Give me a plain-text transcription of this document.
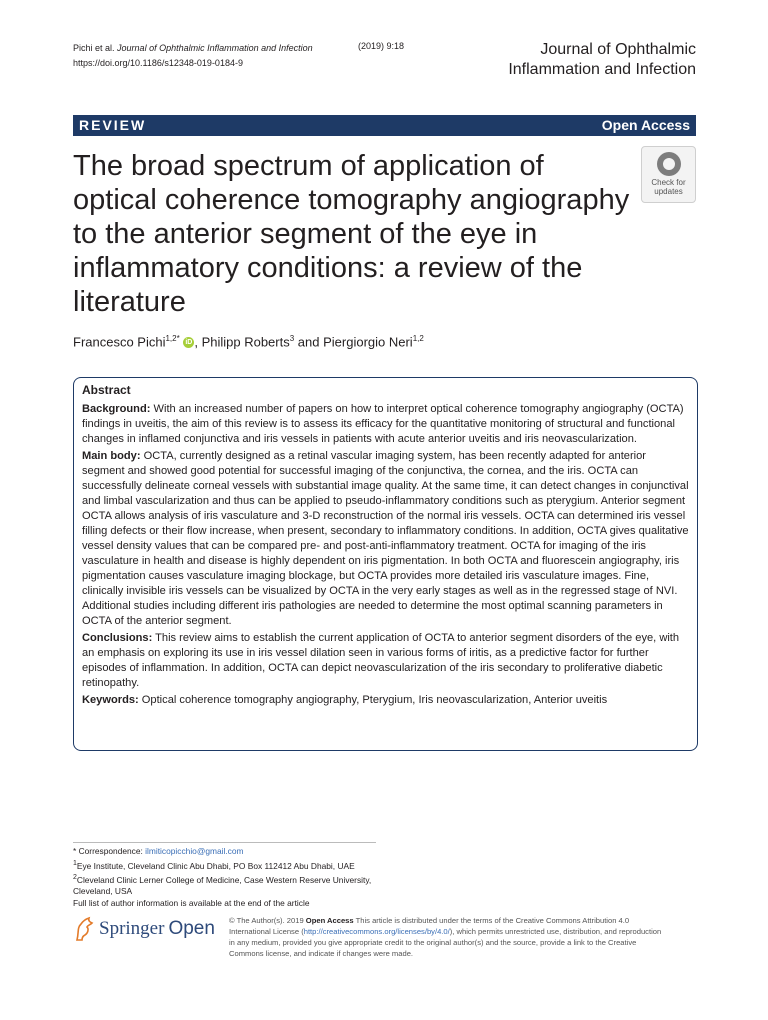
Pichi et al. Journal of Ophthalmic Inflammation and Infection
https://doi.org/10.1186/s12348-019-0184-9
(2019) 9:18	Journal of Ophthalmic
Inflammation and Infection
REVIEW	Open Access
The broad spectrum of application of optical coherence tomography angiography to the anterior segment of the eye in inflammatory conditions: a review of the literature
Check for
updates
Francesco Pichi$^{1,2*}$ iD , Philipp Roberts$^3$ and Piergiorgio Neri$^{1,2}$
Abstract

Background: With an increased number of papers on how to interpret optical coherence tomography angiography (OCTA) findings in uveitis, the aim of this review is to assess its efficacy for the quantitative monitoring of structural and functional changes in inflamed conjunctiva and iris vessels in patients with acute anterior uveitis and iris neovascularization.

Main body: OCTA, currently designed as a retinal vascular imaging system, has been recently adapted for anterior segment and showed good potential for successful imaging of the conjunctiva, the cornea, and the iris. OCTA can successfully delineate corneal vessels with substantial image quality. At the same time, it can detect changes in conjunctival and limbal vascularization and thus can be applied to pseudo-inflammatory conditions such as pterygium. Anterior segment OCTA allows analysis of iris vasculature and 3-D reconstruction of the normal iris vessels. OCTA can determined iris vessel filling defects or their flow increase, when present, secondary to inflammatory conditions. In addition, OCTA gives qualitative vessel density values that can be compared pre- and post-anti-inflammatory treatment. OCTA for imaging of the iris vasculature in health and disease is highly dependent on iris pigmentation. In both OCTA and fluorescein angiography, iris pigmentation causes vasculature imaging blockage, but OCTA provides more detailed iris vasculature images. Fine, clinically invisible iris vessels can be visualized by OCTA in the very early stages as well as in the regressed stage of NVI. Additional studies including different iris pathologies are needed to determine the most optimal scanning parameters in OCTA of the anterior segment.

Conclusions: This review aims to establish the current application of OCTA to anterior segment disorders of the eye, with an emphasis on exploring its use in iris vessel dilation seen in various forms of iritis, as a predictive factor for further episodes of inflammation. In addition, OCTA can depict neovascularization of the iris secondary to proliferative diabetic retinopathy.

Keywords: Optical coherence tomography angiography, Pterygium, Iris neovascularization, Anterior uveitis

* Correspondence: ilmiticopicchio@gmail.com
$^1$Eye Institute, Cleveland Clinic Abu Dhabi, PO Box 112412 Abu Dhabi, UAE
$^2$Cleveland Clinic Lerner College of Medicine, Case Western Reserve University, Cleveland, USA
Full list of author information is available at the end of the article
Springer Open © The Author(s). 2019 Open Access This article is distributed under the terms of the Creative Commons Attribution 4.0 International License (http://creativecommons.org/licenses/by/4.0/), which permits unrestricted use, distribution, and reproduction in any medium, provided you give appropriate credit to the original author(s) and the source, provide a link to the Creative Commons license, and indicate if changes were made.
